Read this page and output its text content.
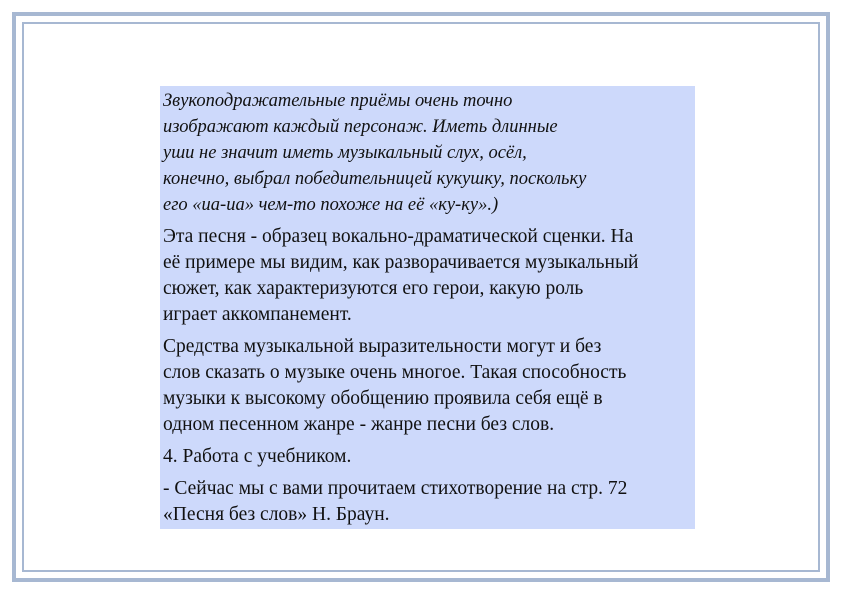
Звукоподражательные приёмы очень точно
изображают каждый персонаж. Иметь длинные
уши не значит иметь музыкальный слух, осёл,
конечно, выбрал победительницей кукушку, поскольку
его «иа-иа» чем-то похоже на её «ку-ку».)

Эта песня - образец вокально-драматической сценки. На
её примере мы видим, как разворачивается музыкальный
сюжет, как характеризуются его герои, какую роль
играет аккомпанемент.

Средства музыкальной выразительности могут и без
слов сказать о музыке очень многое. Такая способность
музыки к высокому обобщению проявила себя ещё в
одном песенном жанре - жанре песни без слов.

4. Работа с учебником.

- Сейчас мы с вами прочитаем стихотворение на стр. 72
«Песня без слов» Н. Браун.
